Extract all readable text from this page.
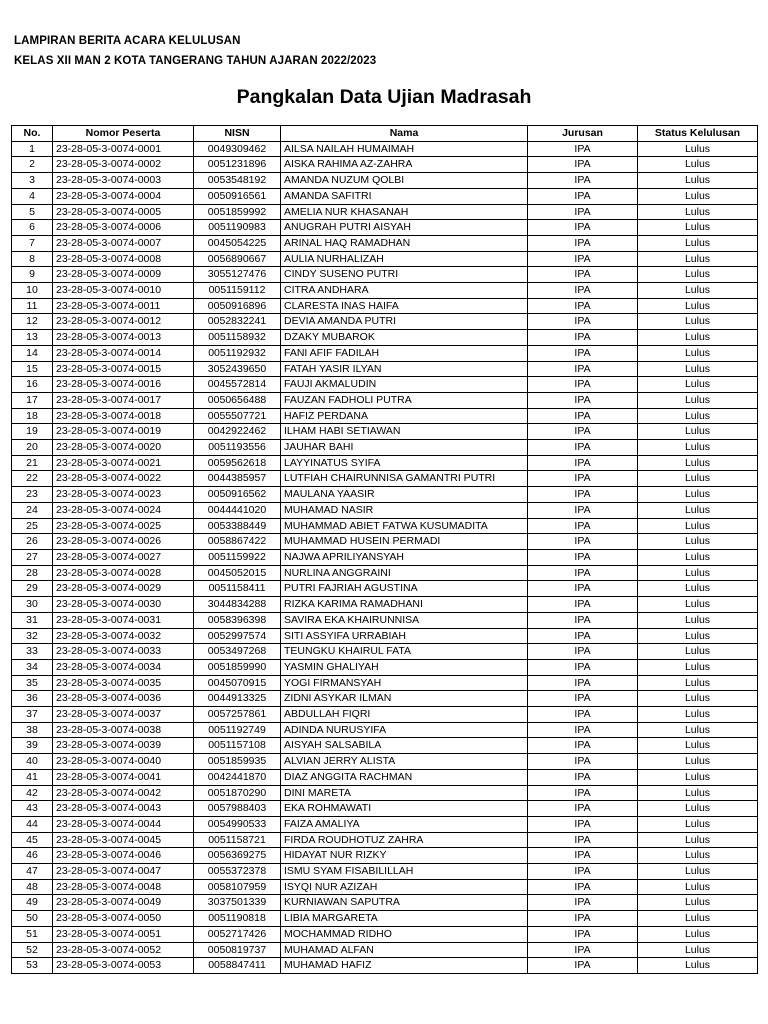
LAMPIRAN BERITA ACARA KELULUSAN
KELAS XII MAN 2 KOTA TANGERANG TAHUN AJARAN 2022/2023
Pangkalan Data Ujian Madrasah
No.	Nomor Peserta	NISN	Nama	Jurusan	Status Kelulusan
1	23-28-05-3-0074-0001	0049309462	AILSA NAILAH HUMAIMAH	IPA	Lulus
2	23-28-05-3-0074-0002	0051231896	AISKA RAHIMA AZ-ZAHRA	IPA	Lulus
3	23-28-05-3-0074-0003	0053548192	AMANDA NUZUM QOLBI	IPA	Lulus
4	23-28-05-3-0074-0004	0050916561	AMANDA SAFITRI	IPA	Lulus
5	23-28-05-3-0074-0005	0051859992	AMELIA NUR KHASANAH	IPA	Lulus
6	23-28-05-3-0074-0006	0051190983	ANUGRAH PUTRI AISYAH	IPA	Lulus
7	23-28-05-3-0074-0007	0045054225	ARINAL HAQ RAMADHAN	IPA	Lulus
8	23-28-05-3-0074-0008	0056890667	AULIA NURHALIZAH	IPA	Lulus
9	23-28-05-3-0074-0009	3055127476	CINDY SUSENO PUTRI	IPA	Lulus
10	23-28-05-3-0074-0010	0051159112	CITRA ANDHARA	IPA	Lulus
11	23-28-05-3-0074-0011	0050916896	CLARESTA INAS HAIFA	IPA	Lulus
12	23-28-05-3-0074-0012	0052832241	DEVIA AMANDA PUTRI	IPA	Lulus
13	23-28-05-3-0074-0013	0051158932	DZAKY MUBAROK	IPA	Lulus
14	23-28-05-3-0074-0014	0051192932	FANI AFIF FADILAH	IPA	Lulus
15	23-28-05-3-0074-0015	3052439650	FATAH YASIR ILYAN	IPA	Lulus
16	23-28-05-3-0074-0016	0045572814	FAUJI AKMALUDIN	IPA	Lulus
17	23-28-05-3-0074-0017	0050656488	FAUZAN FADHOLI PUTRA	IPA	Lulus
18	23-28-05-3-0074-0018	0055507721	HAFIZ PERDANA	IPA	Lulus
19	23-28-05-3-0074-0019	0042922462	ILHAM HABI SETIAWAN	IPA	Lulus
20	23-28-05-3-0074-0020	0051193556	JAUHAR BAHI	IPA	Lulus
21	23-28-05-3-0074-0021	0059562618	LAYYINATUS SYIFA	IPA	Lulus
22	23-28-05-3-0074-0022	0044385957	LUTFIAH CHAIRUNNISA GAMANTRI PUTRI	IPA	Lulus
23	23-28-05-3-0074-0023	0050916562	MAULANA YAASIR	IPA	Lulus
24	23-28-05-3-0074-0024	0044441020	MUHAMAD NASIR	IPA	Lulus
25	23-28-05-3-0074-0025	0053388449	MUHAMMAD ABIET FATWA KUSUMADITA	IPA	Lulus
26	23-28-05-3-0074-0026	0058867422	MUHAMMAD HUSEIN PERMADI	IPA	Lulus
27	23-28-05-3-0074-0027	0051159922	NAJWA APRILIYANSYAH	IPA	Lulus
28	23-28-05-3-0074-0028	0045052015	NURLINA ANGGRAINI	IPA	Lulus
29	23-28-05-3-0074-0029	0051158411	PUTRI FAJRIAH AGUSTINA	IPA	Lulus
30	23-28-05-3-0074-0030	3044834288	RIZKA KARIMA RAMADHANI	IPA	Lulus
31	23-28-05-3-0074-0031	0058396398	SAVIRA EKA KHAIRUNNISA	IPA	Lulus
32	23-28-05-3-0074-0032	0052997574	SITI ASSYIFA URRABIAH	IPA	Lulus
33	23-28-05-3-0074-0033	0053497268	TEUNGKU KHAIRUL FATA	IPA	Lulus
34	23-28-05-3-0074-0034	0051859990	YASMIN GHALIYAH	IPA	Lulus
35	23-28-05-3-0074-0035	0045070915	YOGI FIRMANSYAH	IPA	Lulus
36	23-28-05-3-0074-0036	0044913325	ZIDNI ASYKAR ILMAN	IPA	Lulus
37	23-28-05-3-0074-0037	0057257861	ABDULLAH FIQRI	IPA	Lulus
38	23-28-05-3-0074-0038	0051192749	ADINDA NURUSYIFA	IPA	Lulus
39	23-28-05-3-0074-0039	0051157108	AISYAH SALSABILA	IPA	Lulus
40	23-28-05-3-0074-0040	0051859935	ALVIAN JERRY ALISTA	IPA	Lulus
41	23-28-05-3-0074-0041	0042441870	DIAZ ANGGITA RACHMAN	IPA	Lulus
42	23-28-05-3-0074-0042	0051870290	DINI MARETA	IPA	Lulus
43	23-28-05-3-0074-0043	0057988403	EKA ROHMAWATI	IPA	Lulus
44	23-28-05-3-0074-0044	0054990533	FAIZA AMALIYA	IPA	Lulus
45	23-28-05-3-0074-0045	0051158721	FIRDA ROUDHOTUZ ZAHRA	IPA	Lulus
46	23-28-05-3-0074-0046	0056369275	HIDAYAT NUR RIZKY	IPA	Lulus
47	23-28-05-3-0074-0047	0055372378	ISMU SYAM FISABILILLAH	IPA	Lulus
48	23-28-05-3-0074-0048	0058107959	ISYQI NUR AZIZAH	IPA	Lulus
49	23-28-05-3-0074-0049	3037501339	KURNIAWAN SAPUTRA	IPA	Lulus
50	23-28-05-3-0074-0050	0051190818	LIBIA MARGARETA	IPA	Lulus
51	23-28-05-3-0074-0051	0052717426	MOCHAMMAD RIDHO	IPA	Lulus
52	23-28-05-3-0074-0052	0050819737	MUHAMAD ALFAN	IPA	Lulus
53	23-28-05-3-0074-0053	0058847411	MUHAMAD HAFIZ	IPA	Lulus
